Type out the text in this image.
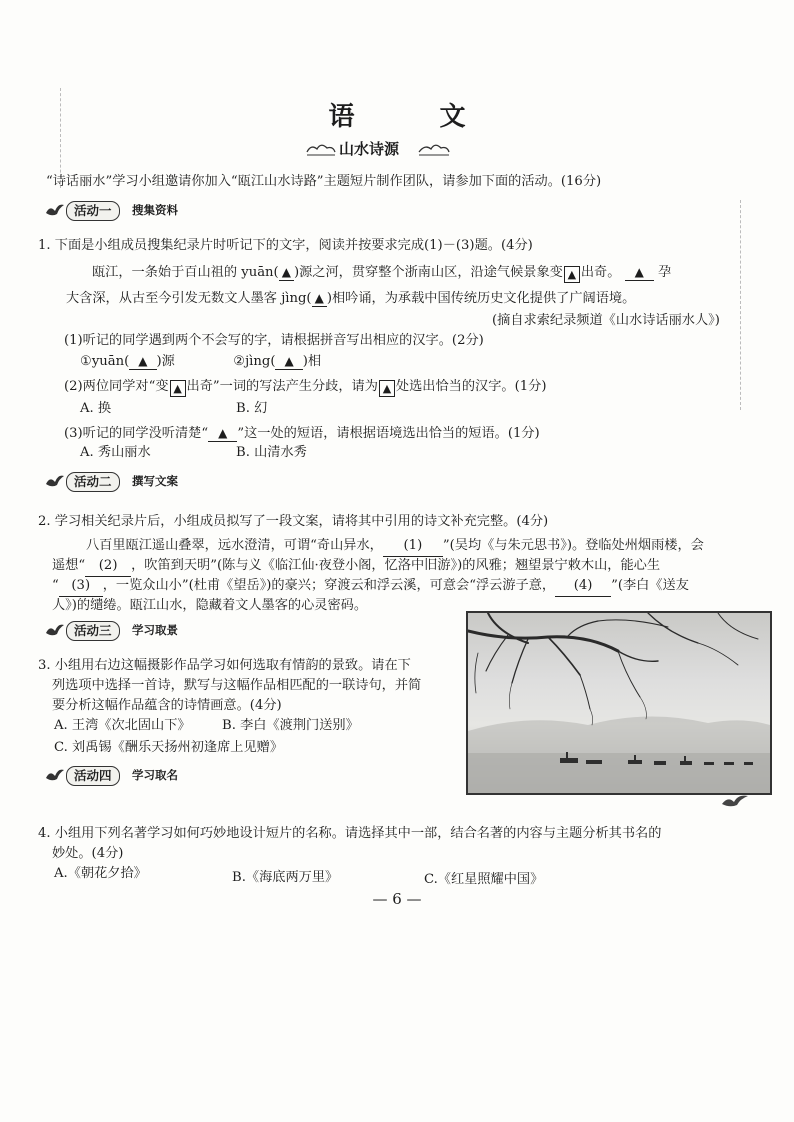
语 文
山水诗源
“诗话丽水”学习小组邀请你加入“瓯江山水诗路”主题短片制作团队，请参加下面的活动。(16分)
活动一	搜集资料
1. 下面是小组成员搜集纪录片时听记下的文字，阅读并按要求完成(1)－(3)题。(4分)
瓯江，一条始于百山祖的 yuān( ▲ )源之河，贯穿整个浙南山区，沿途气候景象变 ▲ 出奇。 ▲ 孕
大含深，从古至今引发无数文人墨客 jìng( ▲ )相吟诵，为承载中国传统历史文化提供了广阔语境。
(摘自求索纪录频道《山水诗话丽水人》)
(1)听记的同学遇到两个不会写的字，请根据拼音写出相应的汉字。(2分)
①yuān( ▲ )源	②jìng( ▲ )相
(2)两位同学对“变 ▲ 出奇”一词的写法产生分歧，请为 ▲ 处选出恰当的汉字。(1分)
A. 换	B. 幻
(3)听记的同学没听清楚“ ▲ ”这一处的短语，请根据语境选出恰当的短语。(1分)
A. 秀山丽水	B. 山清水秀
活动二	撰写文案
2. 学习相关纪录片后，小组成员拟写了一段文案，请将其中引用的诗文补充完整。(4分)
八百里瓯江遥山叠翠，远水澄清，可谓“奇山异水， (1) ”(吴均《与朱元思书》)。登临处州烟雨楼，会
遥想“ (2) ，吹笛到天明”(陈与义《临江仙·夜登小阁，忆洛中旧游》)的风雅；翘望景宁敕木山，能心生
“ (3) ，一览众山小”(杜甫《望岳》)的豪兴；穿渡云和浮云溪，可意会“浮云游子意， (4) ”(李白《送友
人》)的缱绻。瓯江山水，隐藏着文人墨客的心灵密码。
活动三	学习取景
3. 小组用右边这幅摄影作品学习如何选取有情韵的景致。请在下
列选项中选择一首诗，默写与这幅作品相匹配的一联诗句，并简
要分析这幅作品蕴含的诗情画意。(4分)
A. 王湾《次北固山下》 B. 李白《渡荆门送别》
C. 刘禹锡《酬乐天扬州初逢席上见赠》
活动四	学习取名
4. 小组用下列名著学习如何巧妙地设计短片的名称。请选择其中一部，结合名著的内容与主题分析其书名的
妙处。(4分)
A.《朝花夕拾》	B.《海底两万里》	C.《红星照耀中国》
— 6 —
